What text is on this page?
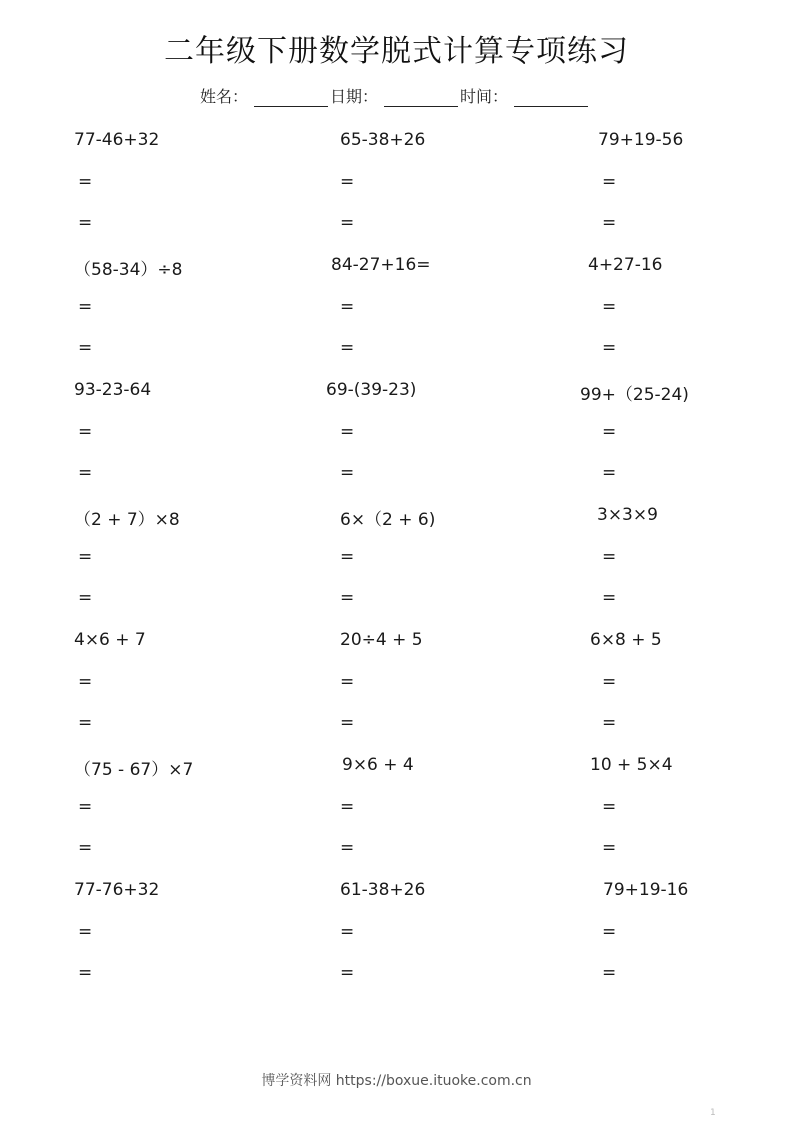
二年级下册数学脱式计算专项练习
姓名：	日期：	时间：
77-46+32
=
=
65-38+26
=
=
79+19-56
=
=
（58-34）÷8
=
=
84-27+16=
=
=
4+27-16
=
=
93-23-64
=
=
69-(39-23)
=
=
99+（25-24)
=
=
（2 + 7）×8
=
=
6×（2 + 6)
=
=
3×3×9
=
=
4×6 + 7
=
=
20÷4 + 5
=
=
6×8 + 5
=
=
（75 - 67）×7
=
=
9×6 + 4
=
=
10 + 5×4
=
=
77-76+32
=
=
61-38+26
=
=
79+19-16
=
=
博学资料网 https://boxue.ituoke.com.cn
1
